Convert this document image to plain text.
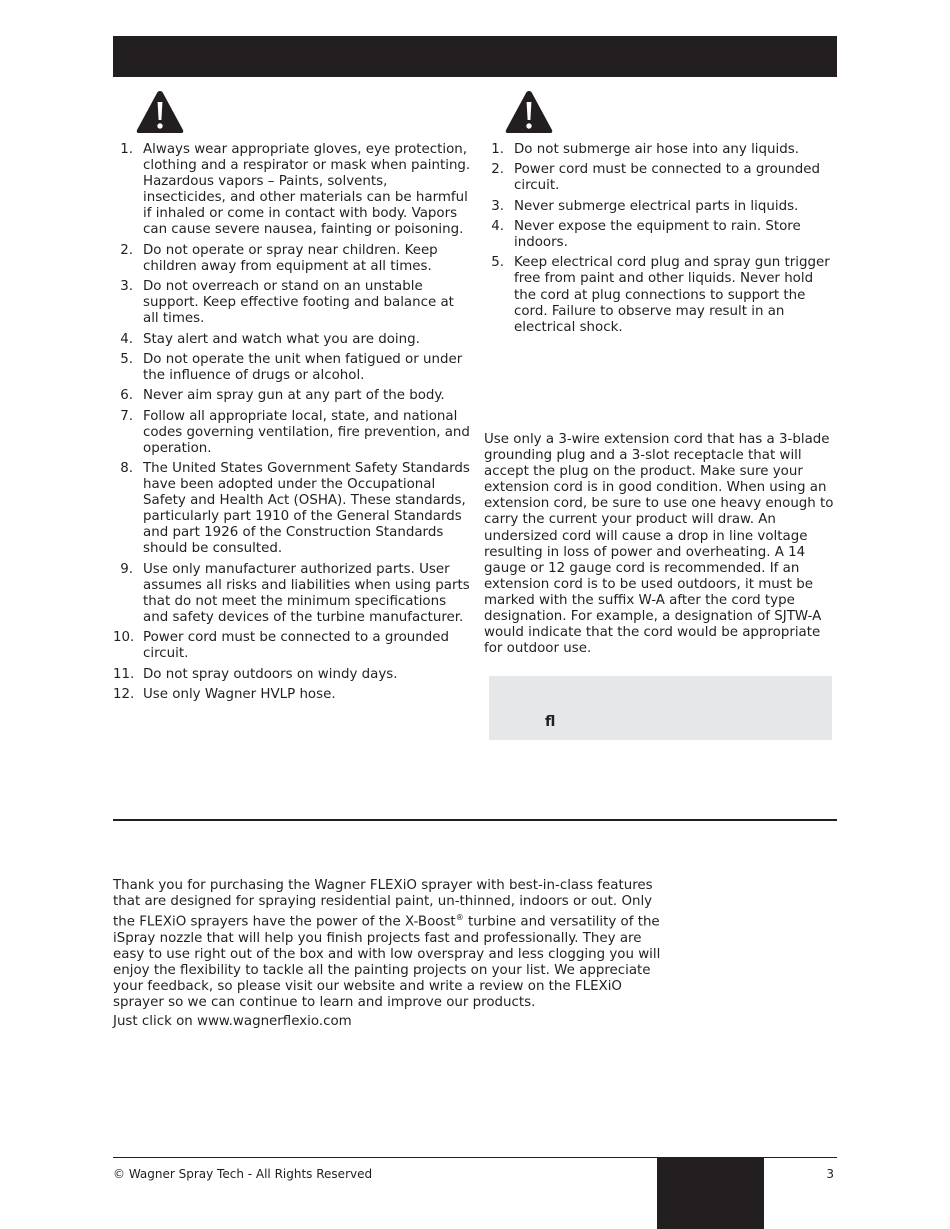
1. Always wear appropriate gloves, eye protection, clothing and a respirator or mask when painting. Hazardous vapors – Paints, solvents, insecticides, and other materials can be harmful if inhaled or come in contact with body. Vapors can cause severe nausea, fainting or poisoning.
2. Do not operate or spray near children. Keep children away from equipment at all times.
3. Do not overreach or stand on an unstable support. Keep effective footing and balance at all times.
4. Stay alert and watch what you are doing.
5. Do not operate the unit when fatigued or under the influence of drugs or alcohol.
6. Never aim spray gun at any part of the body.
7. Follow all appropriate local, state, and national codes governing ventilation, fire prevention, and operation.
8. The United States Government Safety Standards have been adopted under the Occupational Safety and Health Act (OSHA). These standards, particularly part 1910 of the General Standards and part 1926 of the Construction Standards should be consulted.
9. Use only manufacturer authorized parts. User assumes all risks and liabilities when using parts that do not meet the minimum specifications and safety devices of the turbine manufacturer.
10. Power cord must be connected to a grounded circuit.
11. Do not spray outdoors on windy days.
12. Use only Wagner HVLP hose.
1. Do not submerge air hose into any liquids.
2. Power cord must be connected to a grounded circuit.
3. Never submerge electrical parts in liquids.
4. Never expose the equipment to rain. Store indoors.
5. Keep electrical cord plug and spray gun trigger free from paint and other liquids. Never hold the cord at plug connections to support the cord. Failure to observe may result in an electrical shock.

Use only a 3-wire extension cord that has a 3-blade grounding plug and a 3-slot receptacle that will accept the plug on the product. Make sure your extension cord is in good condition. When using an extension cord, be sure to use one heavy enough to carry the current your product will draw. An undersized cord will cause a drop in line voltage resulting in loss of power and overheating. A 14 gauge or 12 gauge cord is recommended. If an extension cord is to be used outdoors, it must be marked with the suffix W-A after the cord type designation. For example, a designation of SJTW-A would indicate that the cord would be appropriate for outdoor use.

ﬂ

Thank you for purchasing the Wagner FLEXiO sprayer with best-in-class features that are designed for spraying residential paint, un-thinned, indoors or out. Only the FLEXiO sprayers have the power of the X-Boost® turbine and versatility of the iSpray nozzle that will help you finish projects fast and professionally. They are easy to use right out of the box and with low overspray and less clogging you will enjoy the flexibility to tackle all the painting projects on your list. We appreciate your feedback, so please visit our website and write a review on the FLEXiO sprayer so we can continue to learn and improve our products.

Just click on www.wagnerflexio.com

© Wagner Spray Tech - All Rights Reserved	3
